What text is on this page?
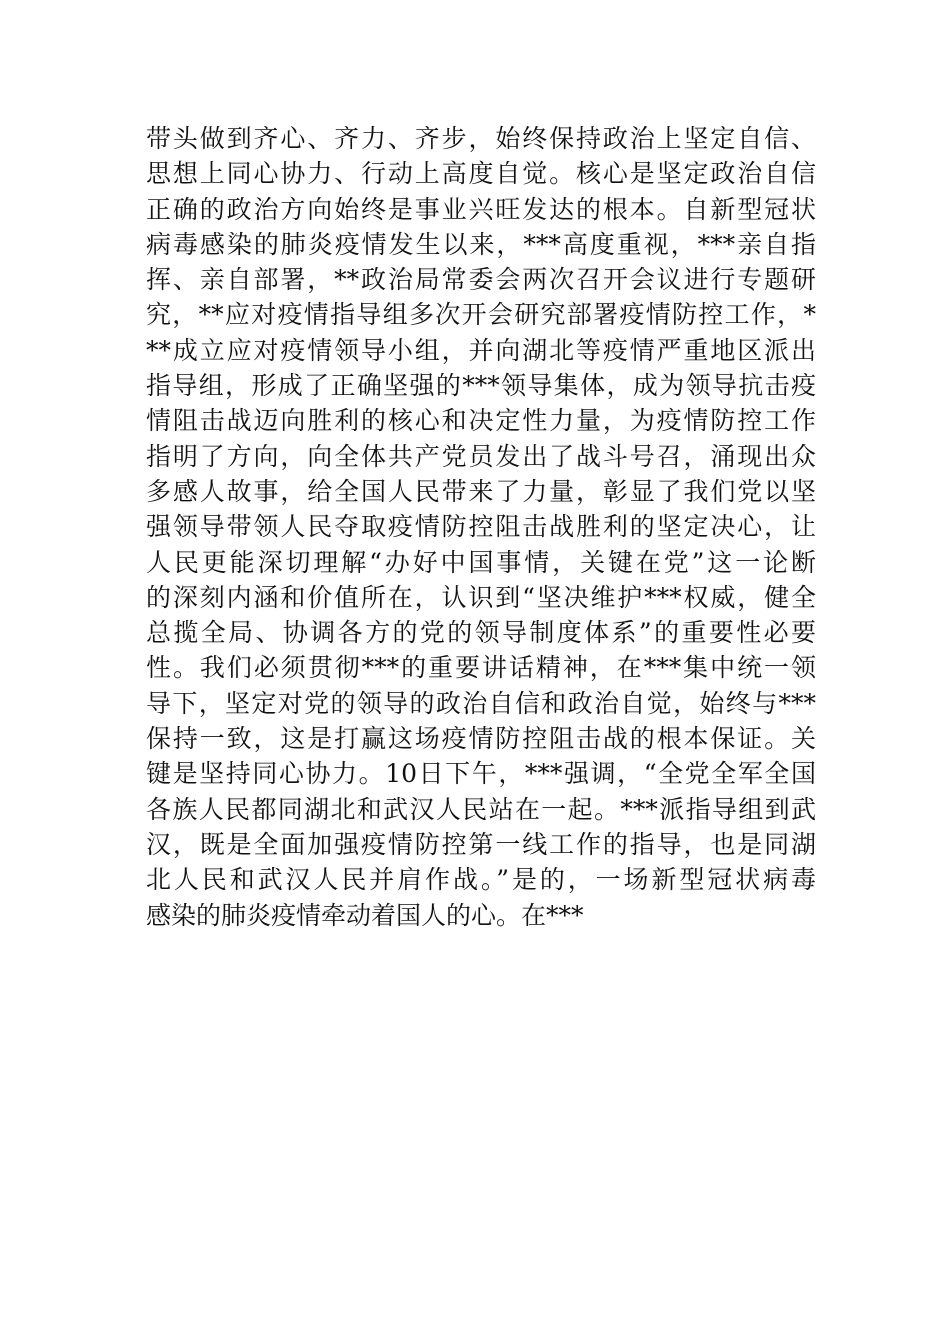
带头做到齐心、齐力、齐步，始终保持政治上坚定自信、
思想上同心协力、行动上高度自觉。核心是坚定政治自信
正确的政治方向始终是事业兴旺发达的根本。自新型冠状
病毒感染的肺炎疫情发生以来，***高度重视，***亲自指
挥、亲自部署，**政治局常委会两次召开会议进行专题研
究，**应对疫情指导组多次开会研究部署疫情防控工作，*
**成立应对疫情领导小组，并向湖北等疫情严重地区派出
指导组，形成了正确坚强的***领导集体，成为领导抗击疫
情阻击战迈向胜利的核心和决定性力量，为疫情防控工作
指明了方向，向全体共产党员发出了战斗号召，涌现出众
多感人故事，给全国人民带来了力量，彰显了我们党以坚
强领导带领人民夺取疫情防控阻击战胜利的坚定决心，让
人民更能深切理解“办好中国事情，关键在党”这一论断
的深刻内涵和价值所在，认识到“坚决维护***权威，健全
总揽全局、协调各方的党的领导制度体系”的重要性必要
性。我们必须贯彻***的重要讲话精神，在***集中统一领
导下，坚定对党的领导的政治自信和政治自觉，始终与***
保持一致，这是打赢这场疫情防控阻击战的根本保证。关
键是坚持同心协力。10日下午，***强调，“全党全军全国
各族人民都同湖北和武汉人民站在一起。***派指导组到武
汉，既是全面加强疫情防控第一线工作的指导，也是同湖
北人民和武汉人民并肩作战。”是的，一场新型冠状病毒
感染的肺炎疫情牵动着国人的心。在***
